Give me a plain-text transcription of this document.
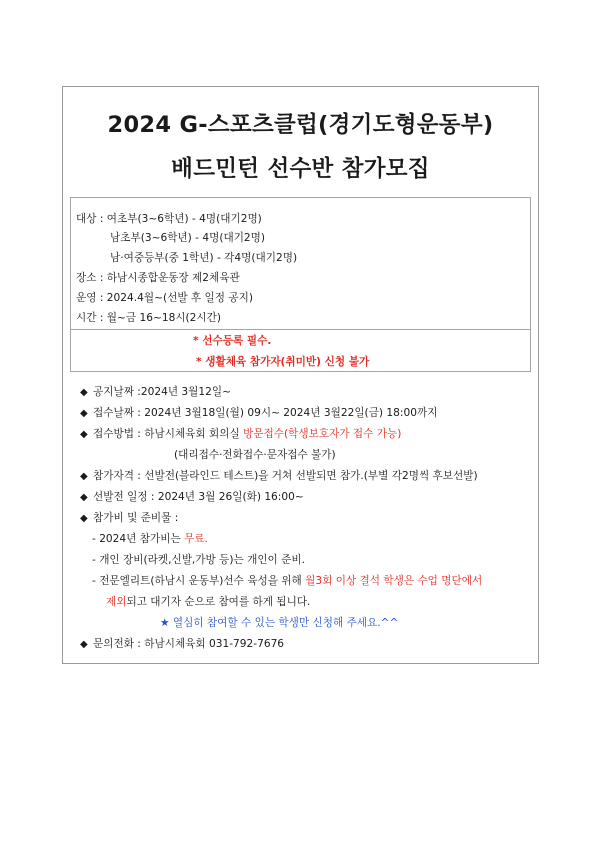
2024 G-스포츠클럽(경기도형운동부)
배드민턴 선수반 참가모집
대상 : 여초부(3~6학년) - 4명(대기2명)
남초부(3~6학년) - 4명(대기2명)
남·여중등부(중 1학년) - 각4명(대기2명)
장소 : 하남시종합운동장 제2체육관
운영 : 2024.4월~(선발 후 일정 공지)
시간 : 월~금 16~18시(2시간)
* 선수등록 필수.
* 생활체육 참가자(취미반) 신청 불가
◆ 공지날짜 :2024년 3월12일~
◆ 접수날짜 : 2024년 3월18일(월) 09시~ 2024년 3월22일(금) 18:00까지
◆ 접수방법 : 하남시체육회 회의실 방문접수(학생보호자가 접수 가능)
(대리접수·전화접수·문자접수 불가)
◆ 참가자격 : 선발전(블라인드 테스트)을 거쳐 선발되면 참가.(부별 각2명씩 후보선발)
◆ 선발전 일정 : 2024년 3월 26일(화) 16:00~
◆ 참가비 및 준비물 :
- 2024년 참가비는 무료.
- 개인 장비(라켓,신발,가방 등)는 개인이 준비.
- 전문엘리트(하남시 운동부)선수 육성을 위해 월3회 이상 결석 학생은 수업 명단에서
제외되고 대기자 순으로 참여를 하게 됩니다.
★ 열심히 참여할 수 있는 학생만 신청해 주세요.^^
◆ 문의전화 : 하남시체육회 031-792-7676
